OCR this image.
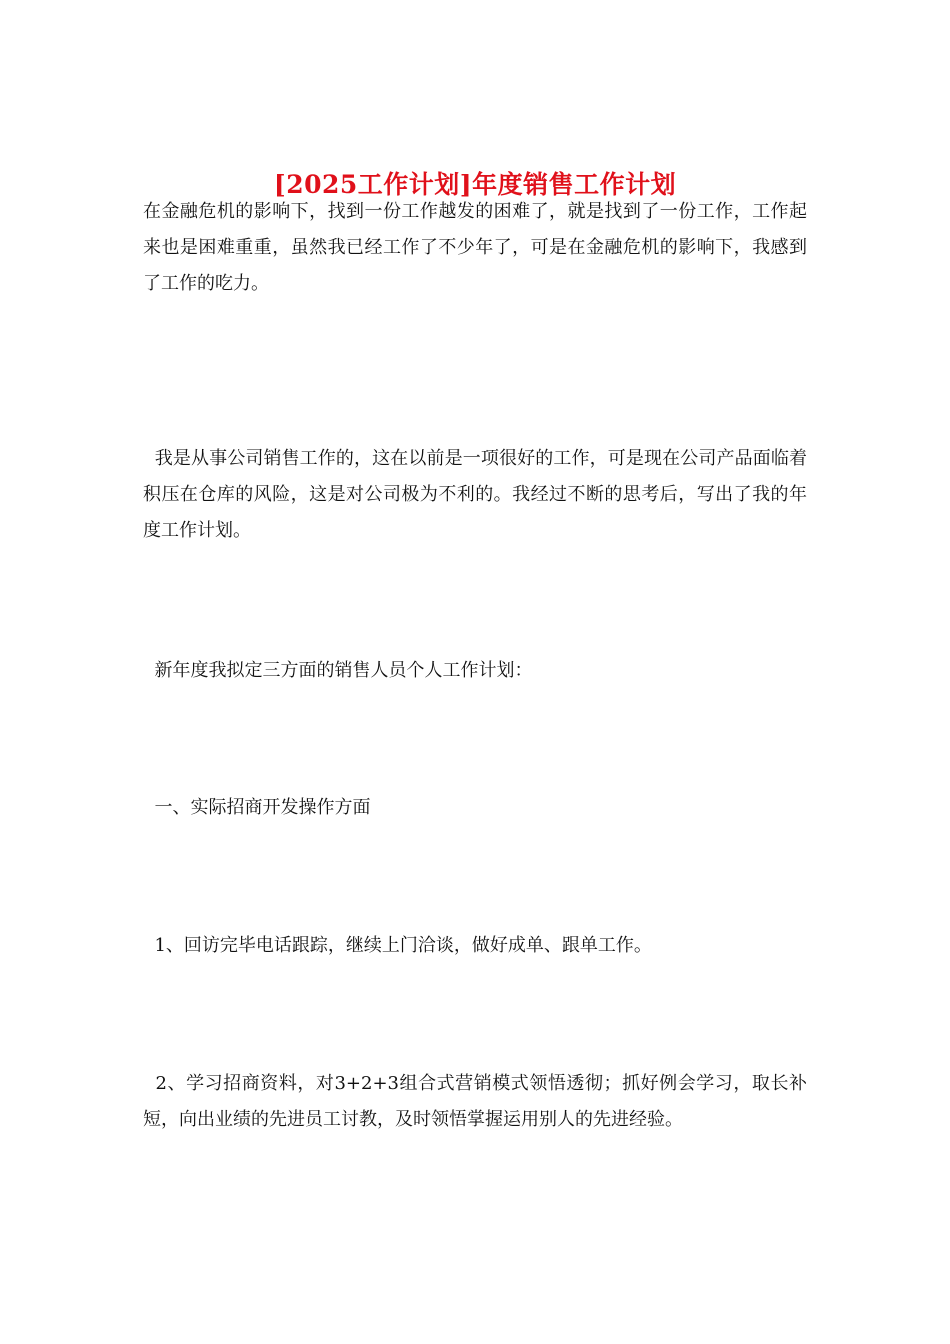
[2025工作计划]年度销售工作计划

在金融危机的影响下，找到一份工作越发的困难了，就是找到了一份工作，工作起来也是困难重重，虽然我已经工作了不少年了，可是在金融危机的影响下，我感到了工作的吃力。

我是从事公司销售工作的，这在以前是一项很好的工作，可是现在公司产品面临着积压在仓库的风险，这是对公司极为不利的。我经过不断的思考后，写出了我的年度工作计划。

新年度我拟定三方面的销售人员个人工作计划：

一、实际招商开发操作方面

1、回访完毕电话跟踪，继续上门洽谈，做好成单、跟单工作。

2、学习招商资料，对3+2+3组合式营销模式领悟透彻；抓好例会学习，取长补短，向出业绩的先进员工讨教，及时领悟掌握运用别人的先进经验。
